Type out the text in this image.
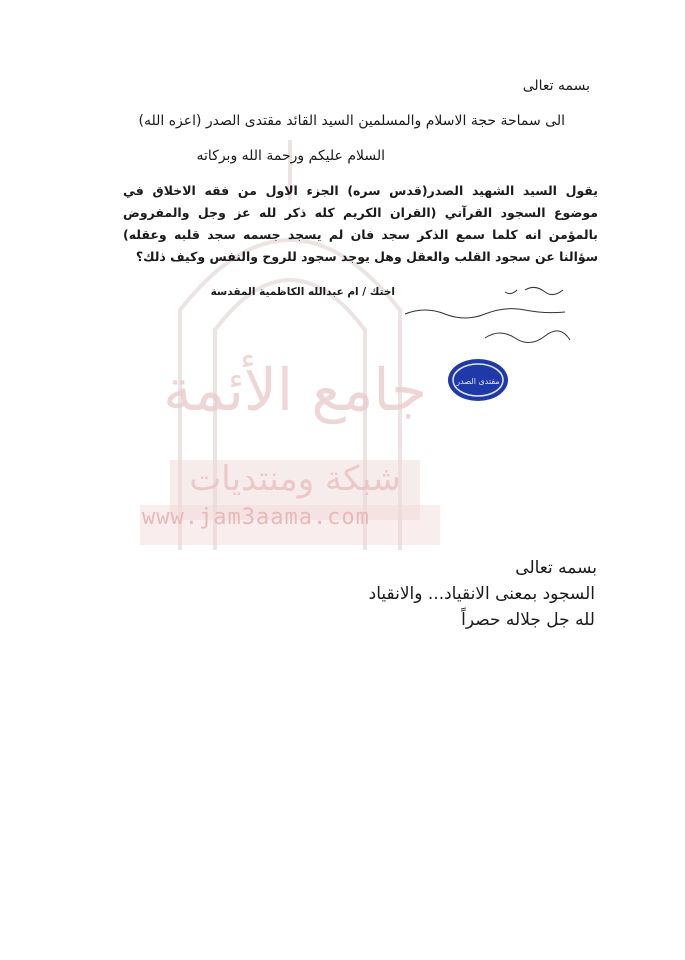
جامع الأئمة
شبكة ومنتديات
www.jam3aama.com
بسمه تعالى
الى سماحة حجة الاسلام والمسلمين السيد القائد مقتدى الصدر (اعزه الله)
السلام عليكم ورحمة الله وبركاته
يقول السيد الشهيد الصدر(قدس سره) الجزء الاول من فقه الاخلاق في موضوع السجود القرآني (القران الكريم كله ذكر لله عز وجل والمفروض بالمؤمن انه كلما سمع الذكر سجد فان لم يسجد جسمه سجد قلبه وعقله) سؤالنا عن سجود القلب والعقل وهل يوجد سجود للروح والنفس وكيف ذلك؟
اختك / ام عبدالله الكاظمية المقدسة
مقتدى الصدر
بسمه تعالى
السجود بمعنى الانقياد... والانقياد
لله جل جلاله حصراً
